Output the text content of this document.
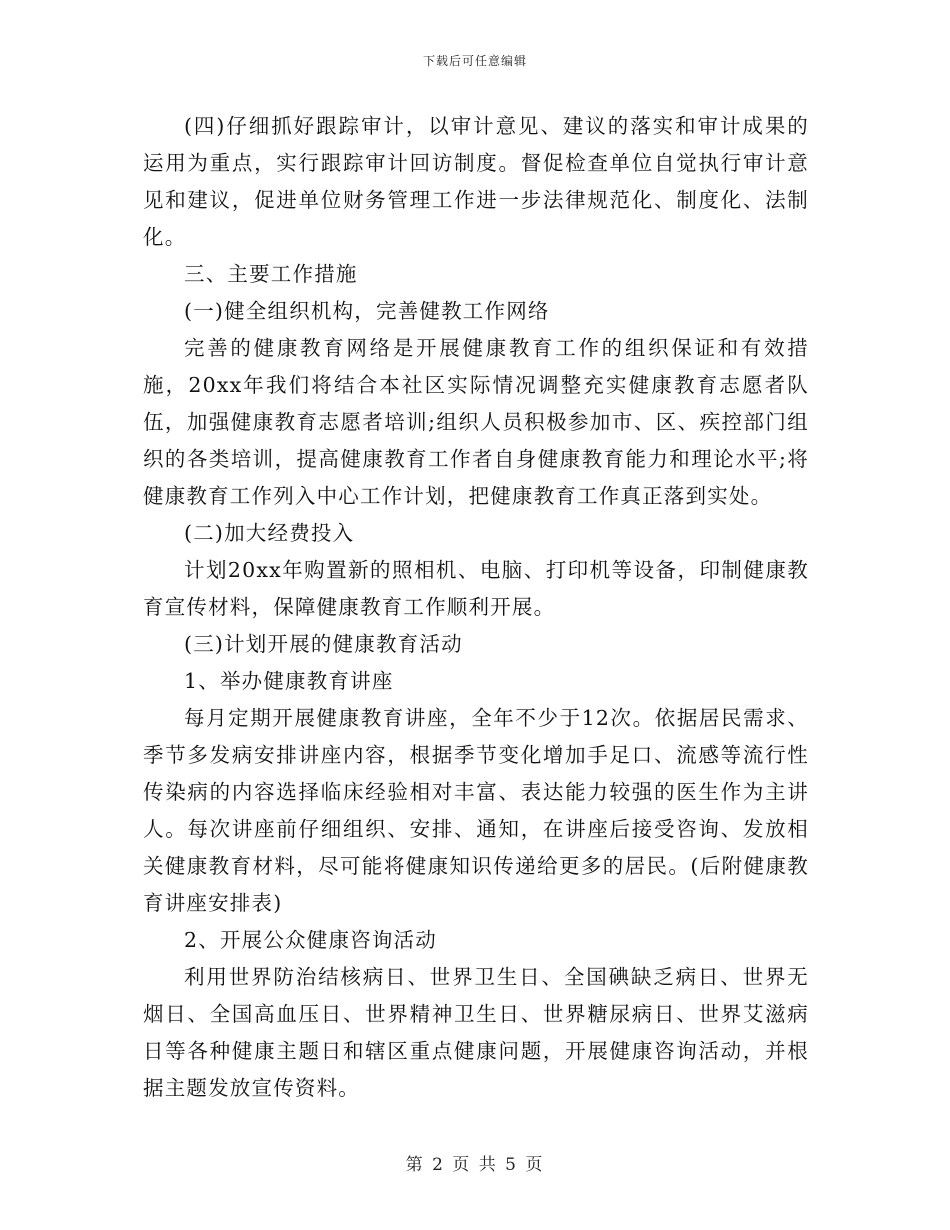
下载后可任意编辑

(四)仔细抓好跟踪审计，以审计意见、建议的落实和审计成果的运用为重点，实行跟踪审计回访制度。督促检查单位自觉执行审计意见和建议，促进单位财务管理工作进一步法律规范化、制度化、法制化。

三、主要工作措施

(一)健全组织机构，完善健教工作网络

完善的健康教育网络是开展健康教育工作的组织保证和有效措施，20xx年我们将结合本社区实际情况调整充实健康教育志愿者队伍，加强健康教育志愿者培训;组织人员积极参加市、区、疾控部门组织的各类培训，提高健康教育工作者自身健康教育能力和理论水平;将健康教育工作列入中心工作计划，把健康教育工作真正落到实处。

(二)加大经费投入

计划20xx年购置新的照相机、电脑、打印机等设备，印制健康教育宣传材料，保障健康教育工作顺利开展。

(三)计划开展的健康教育活动

1、举办健康教育讲座

每月定期开展健康教育讲座，全年不少于12次。依据居民需求、季节多发病安排讲座内容，根据季节变化增加手足口、流感等流行性传染病的内容选择临床经验相对丰富、表达能力较强的医生作为主讲人。每次讲座前仔细组织、安排、通知，在讲座后接受咨询、发放相关健康教育材料，尽可能将健康知识传递给更多的居民。(后附健康教育讲座安排表)

2、开展公众健康咨询活动

利用世界防治结核病日、世界卫生日、全国碘缺乏病日、世界无烟日、全国高血压日、世界精神卫生日、世界糖尿病日、世界艾滋病日等各种健康主题日和辖区重点健康问题，开展健康咨询活动，并根据主题发放宣传资料。

第 2 页 共 5 页
